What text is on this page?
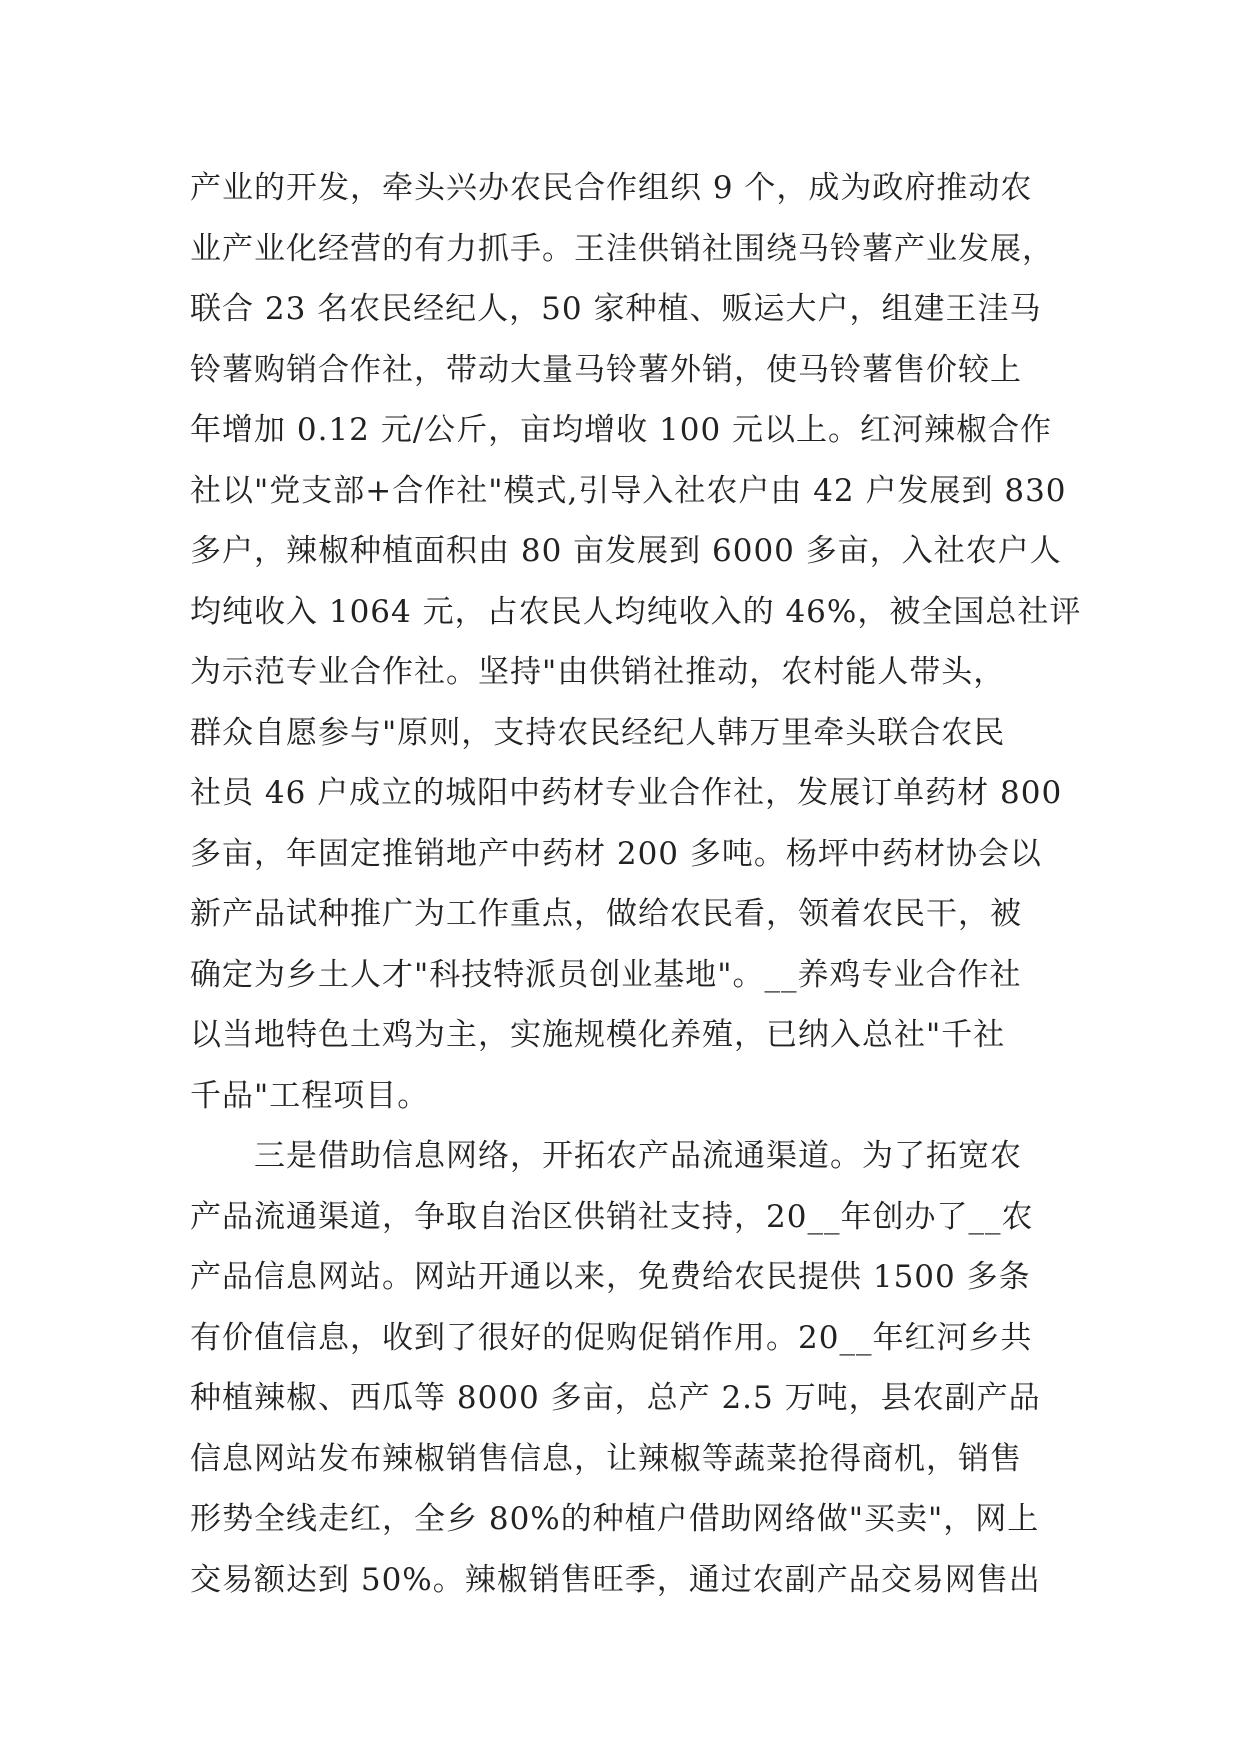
产业的开发，牵头兴办农民合作组织 9 个，成为政府推动农
业产业化经营的有力抓手。王洼供销社围绕马铃薯产业发展，
联合 23 名农民经纪人，50 家种植、贩运大户，组建王洼马
铃薯购销合作社，带动大量马铃薯外销，使马铃薯售价较上
年增加 0.12 元/公斤，亩均增收 100 元以上。红河辣椒合作
社以"党支部+合作社"模式,引导入社农户由 42 户发展到 830
多户，辣椒种植面积由 80 亩发展到 6000 多亩，入社农户人
均纯收入 1064 元，占农民人均纯收入的 46%，被全国总社评
为示范专业合作社。坚持"由供销社推动，农村能人带头，
群众自愿参与"原则，支持农民经纪人韩万里牵头联合农民
社员 46 户成立的城阳中药材专业合作社，发展订单药材 800
多亩，年固定推销地产中药材 200 多吨。杨坪中药材协会以
新产品试种推广为工作重点，做给农民看，领着农民干，被
确定为乡土人才"科技特派员创业基地"。__养鸡专业合作社
以当地特色土鸡为主，实施规模化养殖，已纳入总社"千社
千品"工程项目。
三是借助信息网络，开拓农产品流通渠道。为了拓宽农
产品流通渠道，争取自治区供销社支持，20__年创办了__农
产品信息网站。网站开通以来，免费给农民提供 1500 多条
有价值信息，收到了很好的促购促销作用。20__年红河乡共
种植辣椒、西瓜等 8000 多亩，总产 2.5 万吨，县农副产品
信息网站发布辣椒销售信息，让辣椒等蔬菜抢得商机，销售
形势全线走红，全乡 80%的种植户借助网络做"买卖"，网上
交易额达到 50%。辣椒销售旺季，通过农副产品交易网售出
